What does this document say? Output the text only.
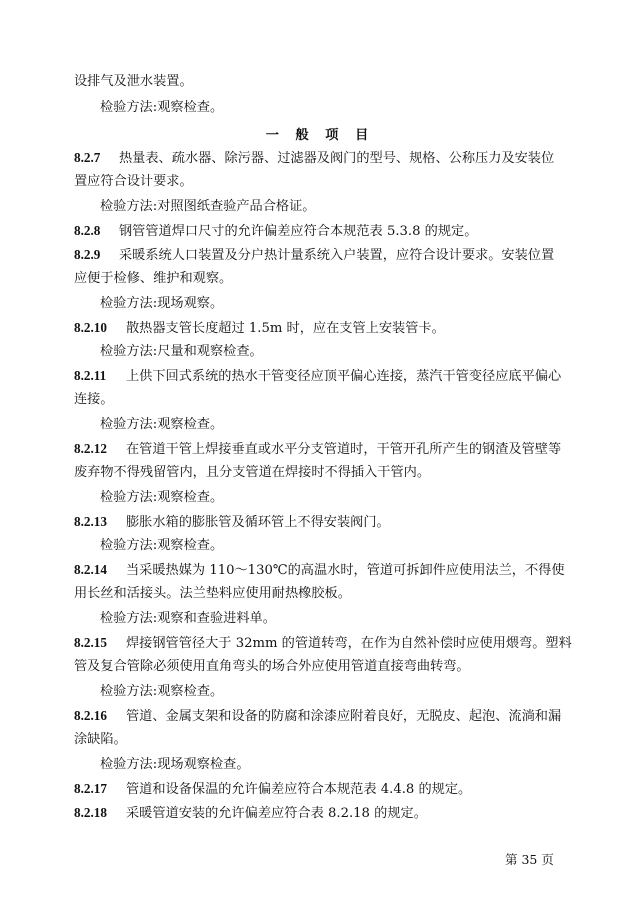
设排气及泄水装置。
检验方法:观察检查。
一 般 项 目
8.2.7 热量表、疏水器、除污器、过滤器及阀门的型号、规格、公称压力及安装位
置应符合设计要求。
检验方法:对照图纸查验产品合格证。
8.2.8 钢管管道焊口尺寸的允许偏差应符合本规范表 5.3.8 的规定。
8.2.9 采暖系统人口装置及分户热计量系统入户装置，应符合设计要求。安装位置
应便于检修、维护和观察。
检验方法:现场观察。
8.2.10 散热器支管长度超过 1.5m 时，应在支管上安装管卡。
检验方法:尺量和观察检查。
8.2.11 上供下回式系统的热水干管变径应顶平偏心连接，蒸汽干管变径应底平偏心
连接。
检验方法:观察检查。
8.2.12 在管道干管上焊接垂直或水平分支管道时，干管开孔所产生的钢渣及管壁等
废弃物不得残留管内，且分支管道在焊接时不得插入干管内。
检验方法:观察检查。
8.2.13 膨胀水箱的膨胀管及循环管上不得安装阀门。
检验方法:观察检查。
8.2.14 当采暖热媒为 110～130℃的高温水时，管道可拆卸件应使用法兰，不得使
用长丝和活接头。法兰垫料应使用耐热橡胶板。
检验方法:观察和查验进料单。
8.2.15 焊接钢管管径大于 32mm 的管道转弯，在作为自然补偿时应使用煨弯。塑料
管及复合管除必须使用直角弯头的场合外应使用管道直接弯曲转弯。
检验方法:观察检查。
8.2.16 管道、金属支架和设备的防腐和涂漆应附着良好，无脱皮、起泡、流淌和漏
涂缺陷。
检验方法:现场观察检查。
8.2.17 管道和设备保温的允许偏差应符合本规范表 4.4.8 的规定。
8.2.18 采暖管道安装的允许偏差应符合表 8.2.18 的规定。
第 35 页
